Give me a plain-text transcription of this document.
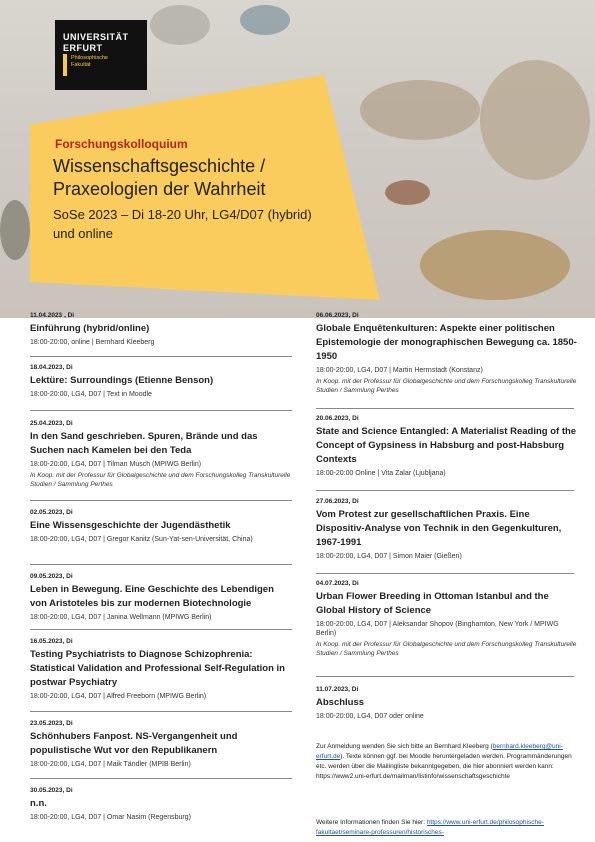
UNIVERSITÄT
ERFURT
Philosophische
Fakultät
Forschungskolloquium
Wissenschaftsgeschichte /
Praxeologien der Wahrheit
SoSe 2023 – Di 18-20 Uhr, LG4/D07 (hybrid)
und online
11.04.2023 , Di
Einführung (hybrid/online)
18:00-20:00, online | Bernhard Kleeberg
18.04.2023, Di
Lektüre: Surroundings (Etienne Benson)
18:00-20:00, LG4, D07 | Text in Moodle
25.04.2023, Di
In den Sand geschrieben. Spuren, Brände und das Suchen nach Kamelen bei den Teda
18:00-20:00, LG4, D07 | Tilman Musch (MPIWG Berlin)
In Koop. mit der Professur für Globalgeschichte und dem Forschungskolleg Transkulturelle Studien / Sammlung Perthes
02.05.2023, Di
Eine Wissensgeschichte der Jugendästhetik
18:00-20:00, LG4, D07 | Gregor Kanitz (Sun-Yat-sen-Universität, China)
09.05.2023, Di
Leben in Bewegung. Eine Geschichte des Lebendigen von Aristoteles bis zur modernen Biotechnologie
18:00-20:00, LG4, D07 | Janina Wellmann (MPIWG Berlin)
16.05.2023, Di
Testing Psychiatrists to Diagnose Schizophrenia: Statistical Validation and Professional Self-Regulation in postwar Psychiatry
18:00-20:00, LG4, D07 | Alfred Freeborn (MPIWG Berlin)
23.05.2023, Di
Schönhubers Fanpost. NS-Vergangenheit und populistische Wut vor den Republikanern
18:00-20:00, LG4, D07 | Maik Tändler (MPIB Berlin)
30.05.2023, Di
n.n.
18:00-20:00, LG4, D07 | Omar Nasim (Regensburg)
06.06.2023, Di
Globale Enquêtenkulturen: Aspekte einer politischen Epistemologie der monographischen Bewegung ca. 1850-1950
18:00-20:00, LG4, D07 | Martin Herrnstadt (Konstanz)
In Koop. mit der Professur für Globalgeschichte und dem Forschungskolleg Transkulturelle Studien / Sammlung Perthes
20.06.2023, Di
State and Science Entangled: A Materialist Reading of the Concept of Gypsiness in Habsburg and post-Habsburg Contexts
18:00-20:00 Online | Vita Zalar (Ljubljana)
27.06.2023, Di
Vom Protest zur gesellschaftlichen Praxis. Eine Dispositiv-Analyse von Technik in den Gegenkulturen, 1967-1991
18:00-20:00, LG4, D07 | Simon Maier (Gießen)
04.07.2023, Di
Urban Flower Breeding in Ottoman Istanbul and the Global History of Science
18:00-20:00, LG4, D07 | Aleksandar Shopov (Binghamton, New York / MPIWG Berlin)
In Koop. mit der Professur für Globalgeschichte und dem Forschungskolleg Transkulturelle Studien / Sammlung Perthes
11.07.2023, Di
Abschluss
18:00-20:00, LG4, D07 oder online
Zur Anmeldung wenden Sie sich bitte an Bernhard Kleeberg (bernhard.kleeberg@uni-erfurt.de). Texte können ggf. bei Moodle heruntergeladen werden. Programmänderungen etc. werden über die Mailingliste bekanntgegeben, die hier abonniert werden kann: https://www2.uni-erfurt.de/mailman/listinfo/wissenschaftsgeschichte
Weitere Informationen finden Sie hier: https://www.uni-erfurt.de/philosophische-fakultaet/seminare-professuren/historisches-
